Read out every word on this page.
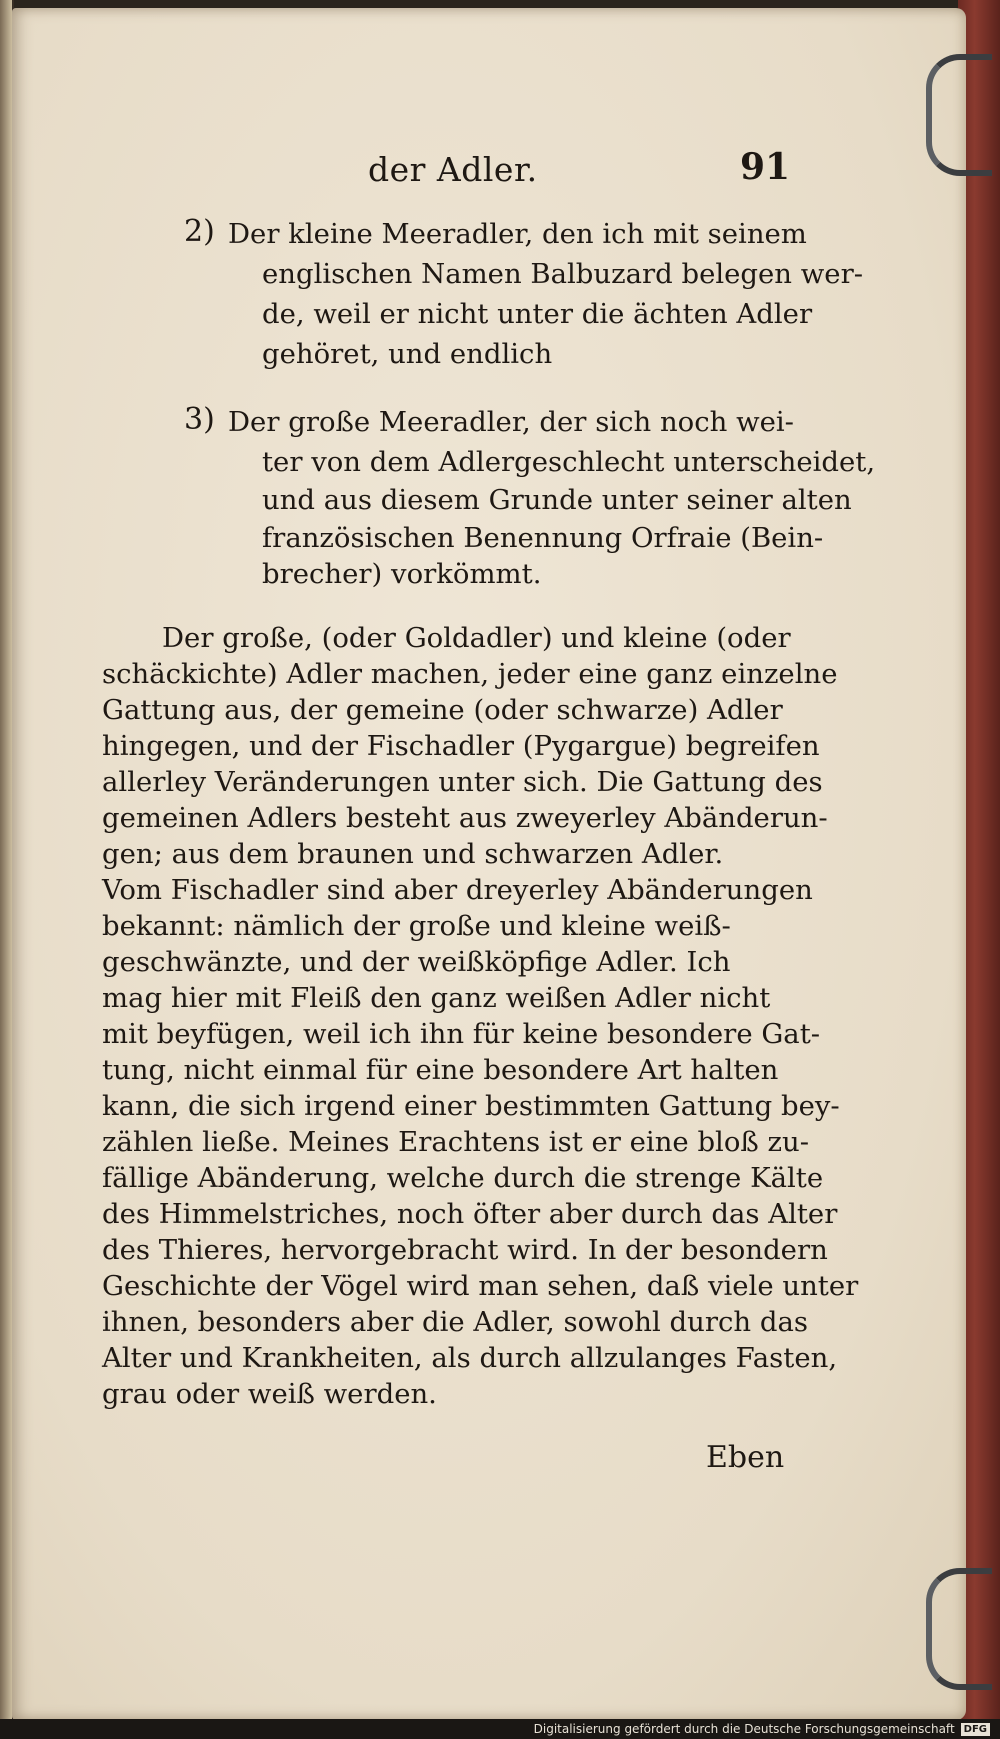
der Adler.	91
2) Der kleine Meeradler, den ich mit seinem
englischen Namen Balbuzard belegen wer-
de, weil er nicht unter die ächten Adler
gehöret, und endlich
3) Der große Meeradler, der sich noch wei-
ter von dem Adlergeschlecht unterscheidet,
und aus diesem Grunde unter seiner alten
französischen Benennung Orfraie (Bein-
brecher) vorkömmt.
Der große, (oder Goldadler) und kleine (oder
schäckichte) Adler machen, jeder eine ganz einzelne
Gattung aus, der gemeine (oder schwarze) Adler
hingegen, und der Fischadler (Pygargue) begreifen
allerley Veränderungen unter sich. Die Gattung des
gemeinen Adlers besteht aus zweyerley Abänderun-
gen; aus dem braunen und schwarzen Adler.
Vom Fischadler sind aber dreyerley Abänderungen
bekannt: nämlich der große und kleine weiß-
geschwänzte, und der weißköpfige Adler. Ich
mag hier mit Fleiß den ganz weißen Adler nicht
mit beyfügen, weil ich ihn für keine besondere Gat-
tung, nicht einmal für eine besondere Art halten
kann, die sich irgend einer bestimmten Gattung bey-
zählen ließe. Meines Erachtens ist er eine bloß zu-
fällige Abänderung, welche durch die strenge Kälte
des Himmelstriches, noch öfter aber durch das Alter
des Thieres, hervorgebracht wird. In der besondern
Geschichte der Vögel wird man sehen, daß viele unter
ihnen, besonders aber die Adler, sowohl durch das
Alter und Krankheiten, als durch allzulanges Fasten,
grau oder weiß werden.
Eben
Digitalisierung gefördert durch die Deutsche Forschungsgemeinschaft DFG
